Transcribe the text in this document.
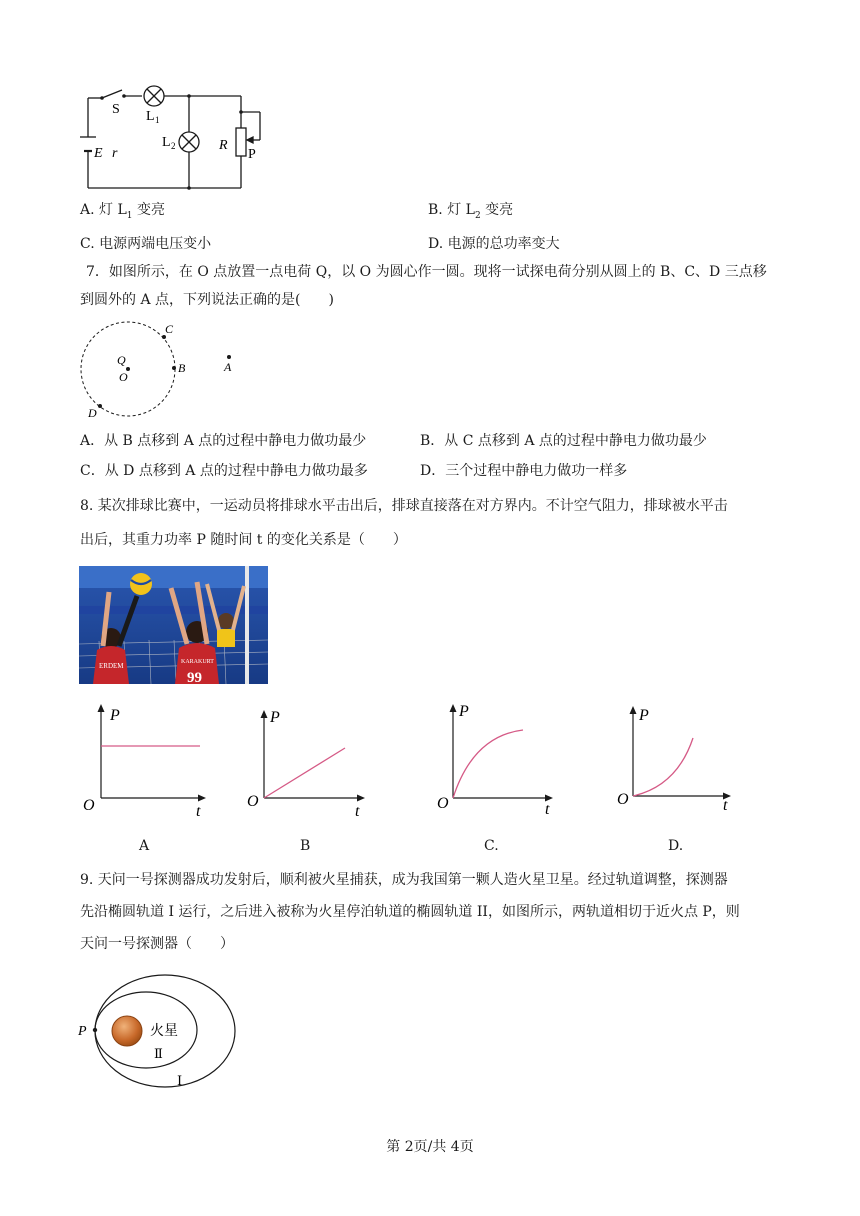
S L 1
L 2	R
P
E r
A. 灯 $L_1$ 变亮	B. 灯 $L_2$ 变亮
C. 电源两端电压变小	D. 电源的总功率变大
7．如图所示，在 O 点放置一点电荷 Q，以 O 为圆心作一圆。现将一试探电荷分别从圆上的 B、C、D 三点移
到圆外的 A 点，下列说法正确的是(　　)
C
Q
O
B	A
D
A．从 B 点移到 A 点的过程中静电力做功最少	B．从 C 点移到 A 点的过程中静电力做功最少
C．从 D 点移到 A 点的过程中静电力做功最多	D．三个过程中静电力做功一样多
8. 某次排球比赛中，一运动员将排球水平击出后，排球直接落在对方界内。不计空气阻力，排球被水平击
出后，其重力功率 P 随时间 t 的变化关系是（　　）
ERDEM	KARAKURT
99
P
O	t
A
P
O
t
B
P
O	t
C.
P
O	t
D.
9. 天问一号探测器成功发射后，顺利被火星捕获，成为我国第一颗人造火星卫星。经过轨道调整，探测器
先沿椭圆轨道 I 运行，之后进入被称为火星停泊轨道的椭圆轨道 II，如图所示，两轨道相切于近火点 P，则
天问一号探测器（　　）
P	火星
Ⅱ
Ⅰ
第 2页/共 4页
